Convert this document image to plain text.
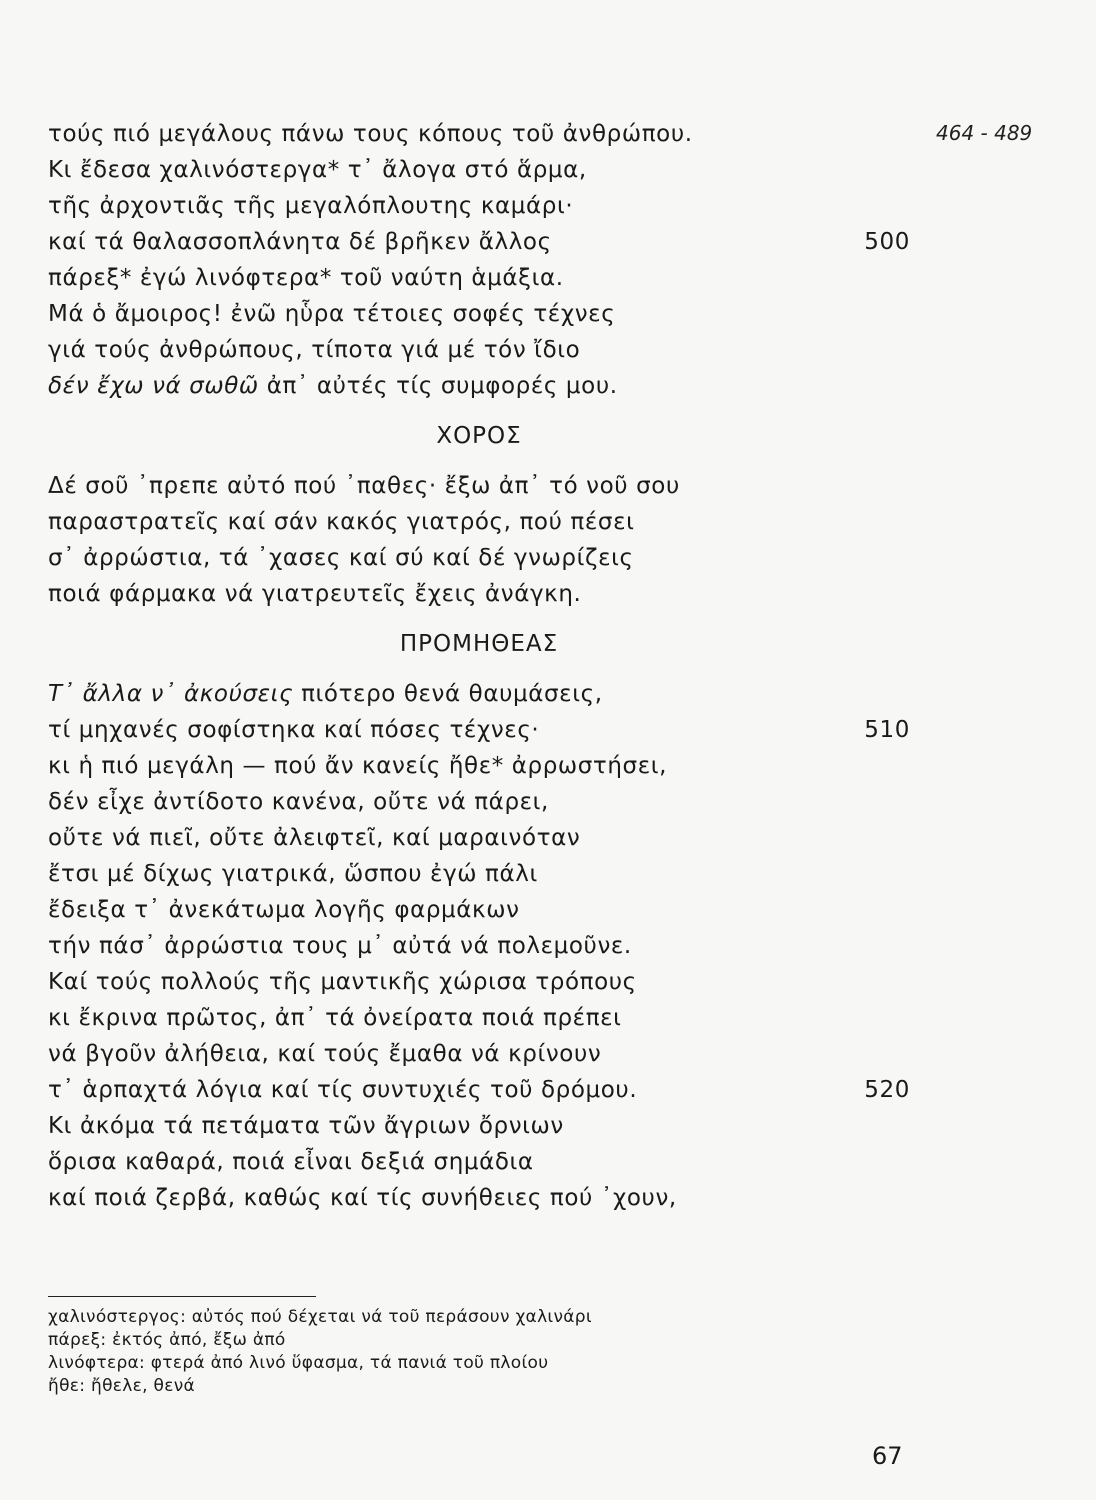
464 - 489
τούς πιό μεγάλους πάνω τους κόπους τοῦ ἀνθρώπου.
Κι ἔδεσα χαλινόστεργα* τ᾽ ἄλογα στό ἅρμα,
τῆς ἀρχοντιᾶς τῆς μεγαλόπλουτης καμάρι·
καί τά θαλασσοπλάνητα δέ βρῆκεν ἄλλος	500
πάρεξ* ἐγώ λινόφτερα* τοῦ ναύτη ἁμάξια.
Μά ὁ ἄμοιρος! ἐνῶ ηὗρα τέτοιες σοφές τέχνες
γιά τούς ἀνθρώπους, τίποτα γιά μέ τόν ἴδιο
δέν ἔχω νά σωθῶ ἀπ᾽ αὐτές τίς συμφορές μου.
ΧΟΡΟΣ
Δέ σοῦ ᾽πρεπε αὐτό πού ᾽παθες· ἔξω ἀπ᾽ τό νοῦ σου
παραστρατεῖς καί σάν κακός γιατρός, πού πέσει
σ᾽ ἀρρώστια, τά ᾽χασες καί σύ καί δέ γνωρίζεις
ποιά φάρμακα νά γιατρευτεῖς ἔχεις ἀνάγκη.
ΠΡΟΜΗΘΕΑΣ
Τ᾽ ἄλλα ν᾽ ἀκούσεις πιότερο θενά θαυμάσεις,
τί μηχανές σοφίστηκα καί πόσες τέχνες·	510
κι ἡ πιό μεγάλη — πού ἄν κανείς ἤθε* ἀρρωστήσει,
δέν εἶχε ἀντίδοτο κανένα, οὔτε νά πάρει,
οὔτε νά πιεῖ, οὔτε ἀλειφτεῖ, καί μαραινόταν
ἔτσι μέ δίχως γιατρικά, ὥσπου ἐγώ πάλι
ἔδειξα τ᾽ ἀνεκάτωμα λογῆς φαρμάκων
τήν πάσ᾽ ἀρρώστια τους μ᾽ αὐτά νά πολεμοῦνε.
Καί τούς πολλούς τῆς μαντικῆς χώρισα τρόπους
κι ἔκρινα πρῶτος, ἀπ᾽ τά ὀνείρατα ποιά πρέπει
νά βγοῦν ἀλήθεια, καί τούς ἔμαθα νά κρίνουν
τ᾽ ἁρπαχτά λόγια καί τίς συντυχιές τοῦ δρόμου.	520
Κι ἀκόμα τά πετάματα τῶν ἄγριων ὄρνιων
ὅρισα καθαρά, ποιά εἶναι δεξιά σημάδια
καί ποιά ζερβά, καθώς καί τίς συνήθειες πού ᾽χουν,
χαλινόστεργος: αὐτός πού δέχεται νά τοῦ περάσουν χαλινάρι
πάρεξ: ἐκτός ἀπό, ἔξω ἀπό
λινόφτερα: φτερά ἀπό λινό ὕφασμα, τά πανιά τοῦ πλοίου
ἤθε: ἤθελε, θενά
67
